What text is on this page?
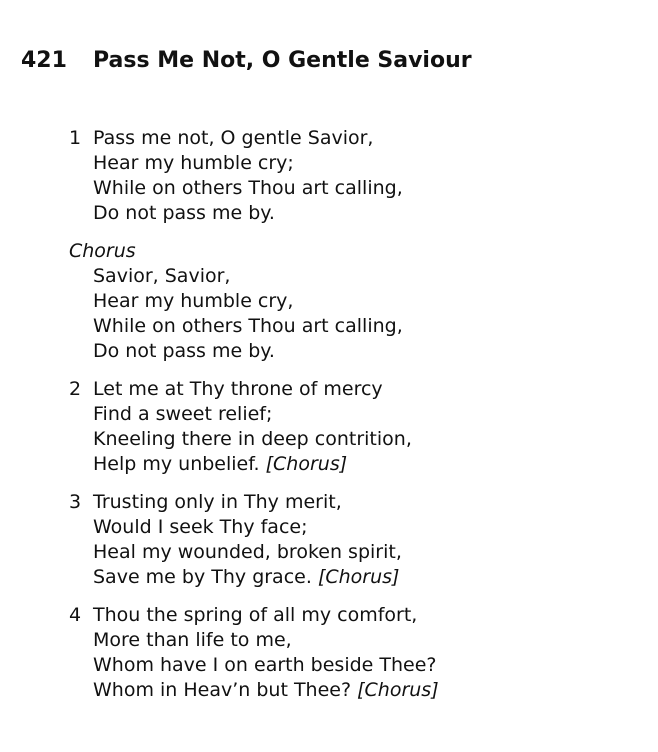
421 Pass Me Not, O Gentle Saviour
1 Pass me not, O gentle Savior,
Hear my humble cry;
While on others Thou art calling,
Do not pass me by.
Chorus
Savior, Savior,
Hear my humble cry,
While on others Thou art calling,
Do not pass me by.
2 Let me at Thy throne of mercy
Find a sweet relief;
Kneeling there in deep contrition,
Help my unbelief. [Chorus]
3 Trusting only in Thy merit,
Would I seek Thy face;
Heal my wounded, broken spirit,
Save me by Thy grace. [Chorus]
4 Thou the spring of all my comfort,
More than life to me,
Whom have I on earth beside Thee?
Whom in Heav’n but Thee? [Chorus]
